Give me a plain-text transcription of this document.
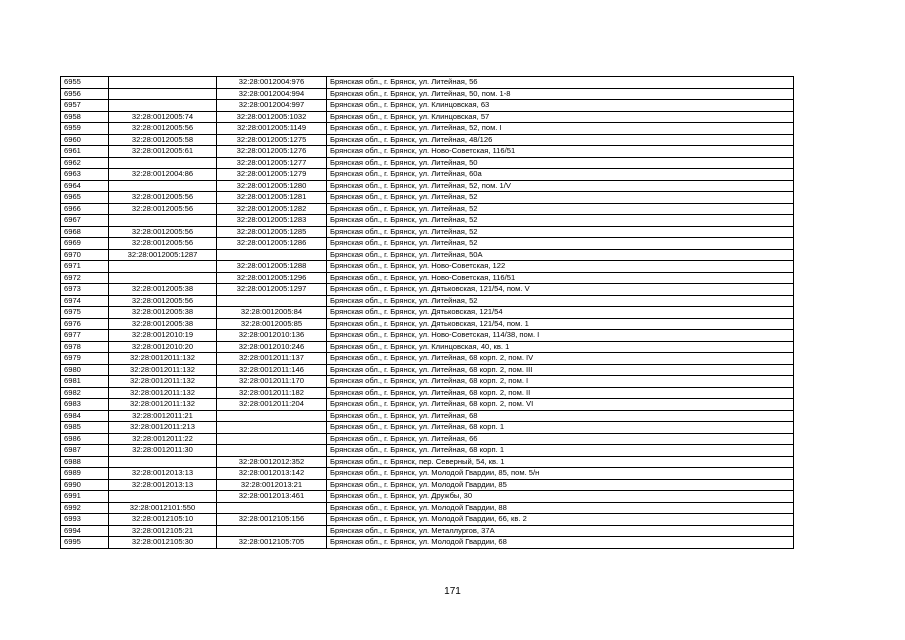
6955		32:28:0012004:976	Брянская обл., г. Брянск, ул. Литейная, 56
6956		32:28:0012004:994	Брянская обл., г. Брянск, ул. Литейная, 50, пом. 1-8
6957		32:28:0012004:997	Брянская обл., г. Брянск, ул. Клинцовская, 63
6958	32:28:0012005:74	32:28:0012005:1032	Брянская обл., г. Брянск, ул. Клинцовская, 57
6959	32:28:0012005:56	32:28:0012005:1149	Брянская обл., г. Брянск, ул. Литейная, 52, пом. I
6960	32:28:0012005:58	32:28:0012005:1275	Брянская обл., г. Брянск, ул. Литейная, 48/126
6961	32:28:0012005:61	32:28:0012005:1276	Брянская обл., г. Брянск, ул. Ново-Советская, 116/51
6962		32:28:0012005:1277	Брянская обл., г. Брянск, ул. Литейная, 50
6963	32:28:0012004:86	32:28:0012005:1279	Брянская обл., г. Брянск, ул. Литейная, 60а
6964		32:28:0012005:1280	Брянская обл., г. Брянск, ул. Литейная, 52, пом. 1/V
6965	32:28:0012005:56	32:28:0012005:1281	Брянская обл., г. Брянск, ул. Литейная, 52
6966	32:28:0012005:56	32:28:0012005:1282	Брянская обл., г. Брянск, ул. Литейная, 52
6967		32:28:0012005:1283	Брянская обл., г. Брянск, ул. Литейная, 52
6968	32:28:0012005:56	32:28:0012005:1285	Брянская обл., г. Брянск, ул. Литейная, 52
6969	32:28:0012005:56	32:28:0012005:1286	Брянская обл., г. Брянск, ул. Литейная, 52
6970	32:28:0012005:1287		Брянская обл., г. Брянск, ул. Литейная, 50А
6971		32:28:0012005:1288	Брянская обл., г. Брянск, ул. Ново-Советская, 122
6972		32:28:0012005:1296	Брянская обл., г. Брянск, ул. Ново-Советская, 116/51
6973	32:28:0012005:38	32:28:0012005:1297	Брянская обл., г. Брянск, ул. Дятьковская, 121/54, пом. V
6974	32:28:0012005:56		Брянская обл., г. Брянск, ул. Литейная, 52
6975	32:28:0012005:38	32:28:0012005:84	Брянская обл., г. Брянск, ул. Дятьковская, 121/54
6976	32:28:0012005:38	32:28:0012005:85	Брянская обл., г. Брянск, ул. Дятьковская, 121/54, пом. 1
6977	32:28:0012010:19	32:28:0012010:136	Брянская обл., г. Брянск, ул. Ново-Советская, 114/38, пом. I
6978	32:28:0012010:20	32:28:0012010:246	Брянская обл., г. Брянск, ул. Клинцовская, 40, кв. 1
6979	32:28:0012011:132	32:28:0012011:137	Брянская обл., г. Брянск, ул. Литейная, 68 корп. 2, пом. IV
6980	32:28:0012011:132	32:28:0012011:146	Брянская обл., г. Брянск, ул. Литейная, 68 корп. 2, пом. III
6981	32:28:0012011:132	32:28:0012011:170	Брянская обл., г. Брянск, ул. Литейная, 68 корп. 2, пом. I
6982	32:28:0012011:132	32:28:0012011:182	Брянская обл., г. Брянск, ул. Литейная, 68 корп. 2, пом. II
6983	32:28:0012011:132	32:28:0012011:204	Брянская обл., г. Брянск, ул. Литейная, 68 корп. 2, пом. VI
6984	32:28:0012011:21		Брянская обл., г. Брянск, ул. Литейная, 68
6985	32:28:0012011:213		Брянская обл., г. Брянск, ул. Литейная, 68 корп. 1
6986	32:28:0012011:22		Брянская обл., г. Брянск, ул. Литейная, 66
6987	32:28:0012011:30		Брянская обл., г. Брянск, ул. Литейная, 68 корп. 1
6988		32:28:0012012:352	Брянская обл., г. Брянск, пер. Северный, 54, кв. 1
6989	32:28:0012013:13	32:28:0012013:142	Брянская обл., г. Брянск, ул. Молодой Гвардии, 85, пом. 5/н
6990	32:28:0012013:13	32:28:0012013:21	Брянская обл., г. Брянск, ул. Молодой Гвардии, 85
6991		32:28:0012013:461	Брянская обл., г. Брянск, ул. Дружбы, 30
6992	32:28:0012101:550		Брянская обл., г. Брянск, ул. Молодой Гвардии, 88
6993	32:28:0012105:10	32:28:0012105:156	Брянская обл., г. Брянск, ул. Молодой Гвардии, 66, кв. 2
6994	32:28:0012105:21		Брянская обл., г. Брянск, ул. Металлургов, 37А
6995	32:28:0012105:30	32:28:0012105:705	Брянская обл., г. Брянск, ул. Молодой Гвардии, 68
171
